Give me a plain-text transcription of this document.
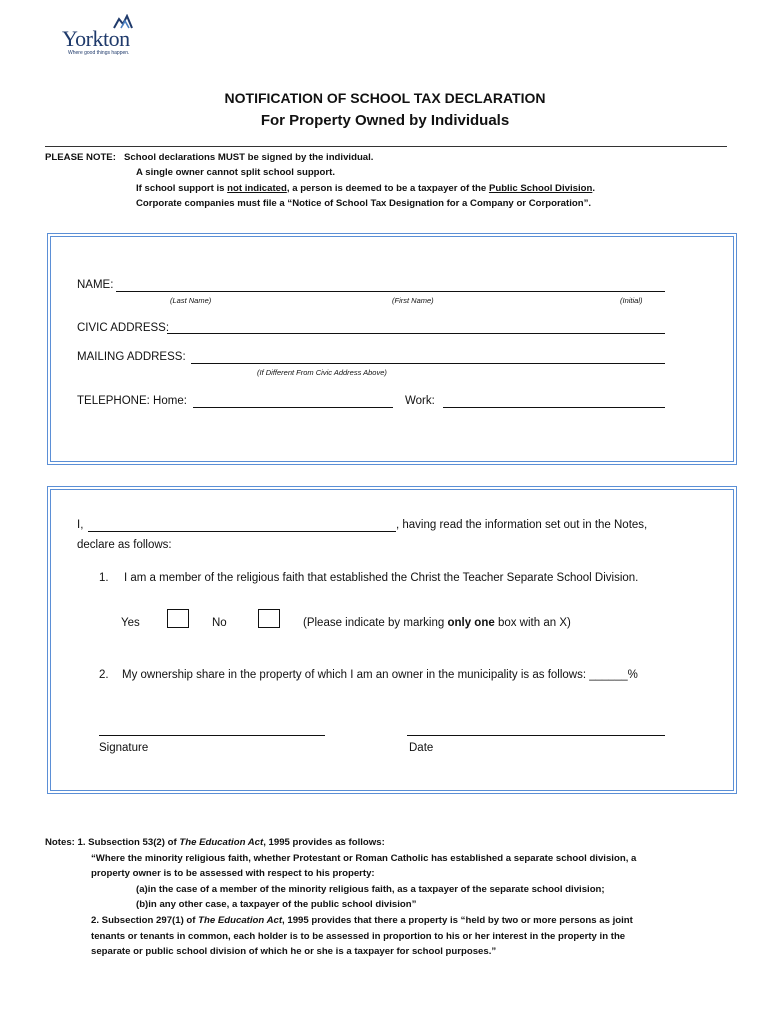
Yorkton
Where good things happen.
NOTIFICATION OF SCHOOL TAX DECLARATION
For Property Owned by Individuals
PLEASE NOTE: School declarations MUST be signed by the individual.
A single owner cannot split school support.
If school support is not indicated, a person is deemed to be a taxpayer of the Public School Division.
Corporate companies must file a “Notice of School Tax Designation for a Company or Corporation”.
NAME:
(Last Name)	(First Name)	(Initial)
CIVIC ADDRESS:
MAILING ADDRESS:
(If Different From Civic Address Above)
TELEPHONE: Home:	Work:
I,	, having read the information set out in the Notes,
declare as follows:
1. I am a member of the religious faith that established the Christ the Teacher Separate School Division.
Yes	No	(Please indicate by marking only one box with an X)
2. My ownership share in the property of which I am an owner in the municipality is as follows: ______%
Signature	Date
Notes: 1. Subsection 53(2) of The Education Act, 1995 provides as follows:
“Where the minority religious faith, whether Protestant or Roman Catholic has established a separate school division, a
property owner is to be assessed with respect to his property:
(a)in the case of a member of the minority religious faith, as a taxpayer of the separate school division;
(b)in any other case, a taxpayer of the public school division”
2. Subsection 297(1) of The Education Act, 1995 provides that there a property is “held by two or more persons as joint
tenants or tenants in common, each holder is to be assessed in proportion to his or her interest in the property in the
separate or public school division of which he or she is a taxpayer for school purposes.”
